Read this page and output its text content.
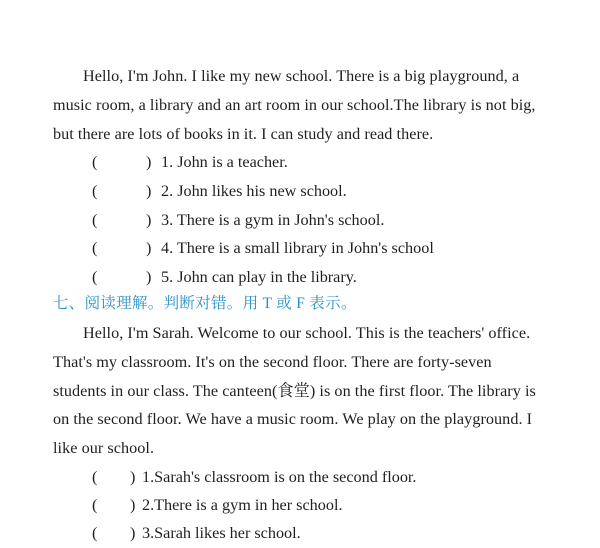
Hello, I'm John. I like my new school. There is a big playground, a
music room, a library and an art room in our school.The library is not big,
but there are lots of books in it. I can study and read there.
(	) 1. John is a teacher.
(	) 2. John likes his new school.
(	) 3. There is a gym in John's school.
(	) 4. There is a small library in John's school
(	) 5. John can play in the library.
七、阅读理解。判断对错。用 T 或 F 表示。
Hello, I'm Sarah. Welcome to our school. This is the teachers' office.
That's my classroom. It's on the second floor. There are forty-seven
students in our class. The canteen(食堂) is on the first floor. The library is
on the second floor. We have a music room. We play on the playground. I
like our school.
( ) 1.Sarah's classroom is on the second floor.
( ) 2.There is a gym in her school.
( ) 3.Sarah likes her school.
